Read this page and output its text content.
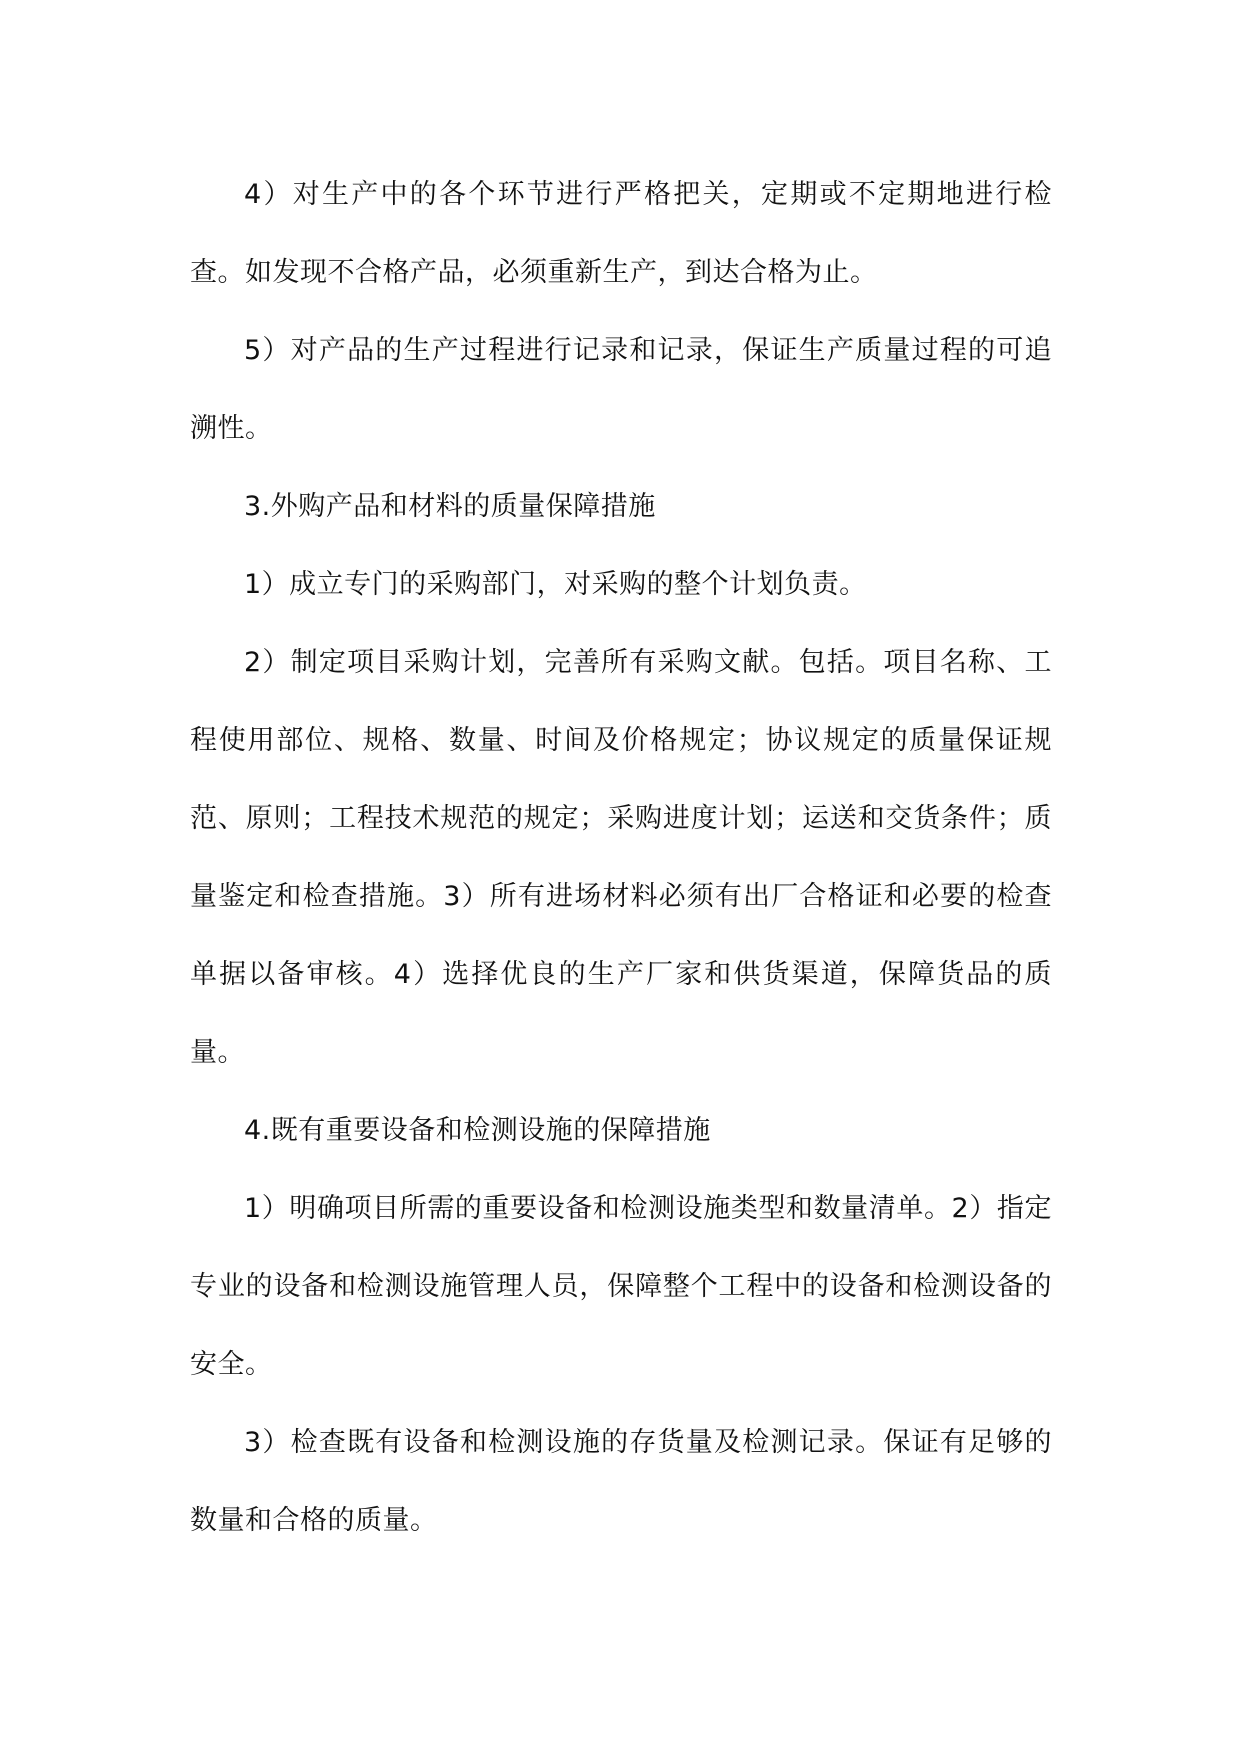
4）对生产中的各个环节进行严格把关，定期或不定期地进行检查。如发现不合格产品，必须重新生产，到达合格为止。

5）对产品的生产过程进行记录和记录，保证生产质量过程的可追溯性。

3.外购产品和材料的质量保障措施

1）成立专门的采购部门，对采购的整个计划负责。

2）制定项目采购计划，完善所有采购文献。包括。项目名称、工程使用部位、规格、数量、时间及价格规定；协议规定的质量保证规范、原则；工程技术规范的规定；采购进度计划；运送和交货条件；质量鉴定和检查措施。3）所有进场材料必须有出厂合格证和必要的检查单据以备审核。4）选择优良的生产厂家和供货渠道，保障货品的质量。

4.既有重要设备和检测设施的保障措施

1）明确项目所需的重要设备和检测设施类型和数量清单。2）指定专业的设备和检测设施管理人员，保障整个工程中的设备和检测设备的安全。

3）检查既有设备和检测设施的存货量及检测记录。保证有足够的数量和合格的质量。
